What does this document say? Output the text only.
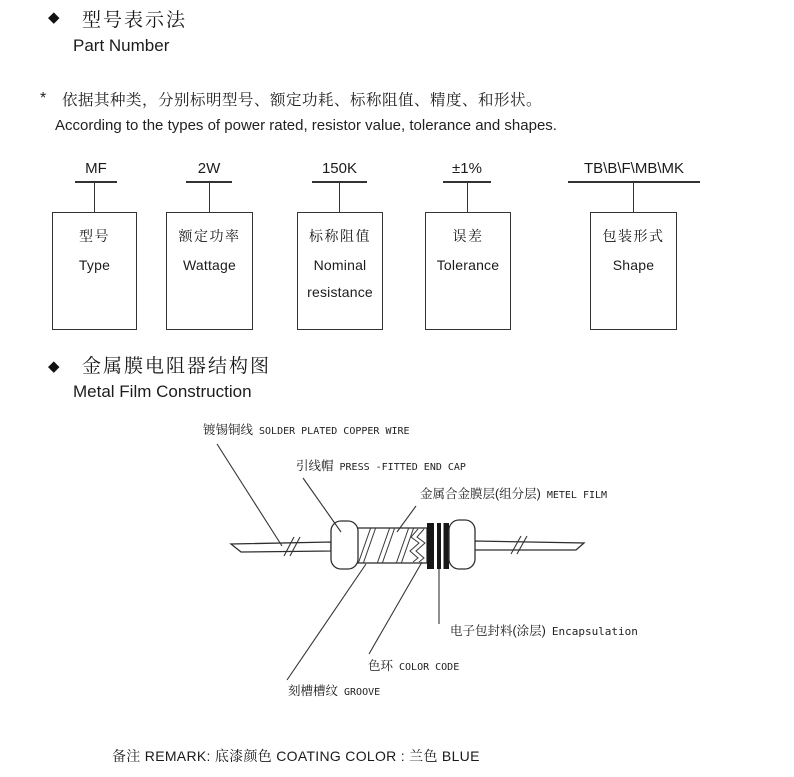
◆ 型号表示法
Part Number
* 依据其种类，分别标明型号、额定功耗、标称阻值、精度、和形状。
According to the types of power rated, resistor value, tolerance and shapes.
MF
型号
Type
2W
额定功率
Wattage
150K
标称阻值
Nominal
resistance
±1%
误差
Tolerance
TB\B\F\MB\MK
包装形式
Shape
◆ 金属膜电阻器结构图
Metal Film Construction
镀锡铜线 SOLDER PLATED COPPER WIRE
引线帽 PRESS -FITTED END CAP
金属合金膜层(组分层) METEL FILM
电子包封料(涂层) Encapsulation
色环 COLOR CODE
刻槽槽纹 GROOVE
备注 REMARK: 底漆颜色 COATING COLOR : 兰色 BLUE
